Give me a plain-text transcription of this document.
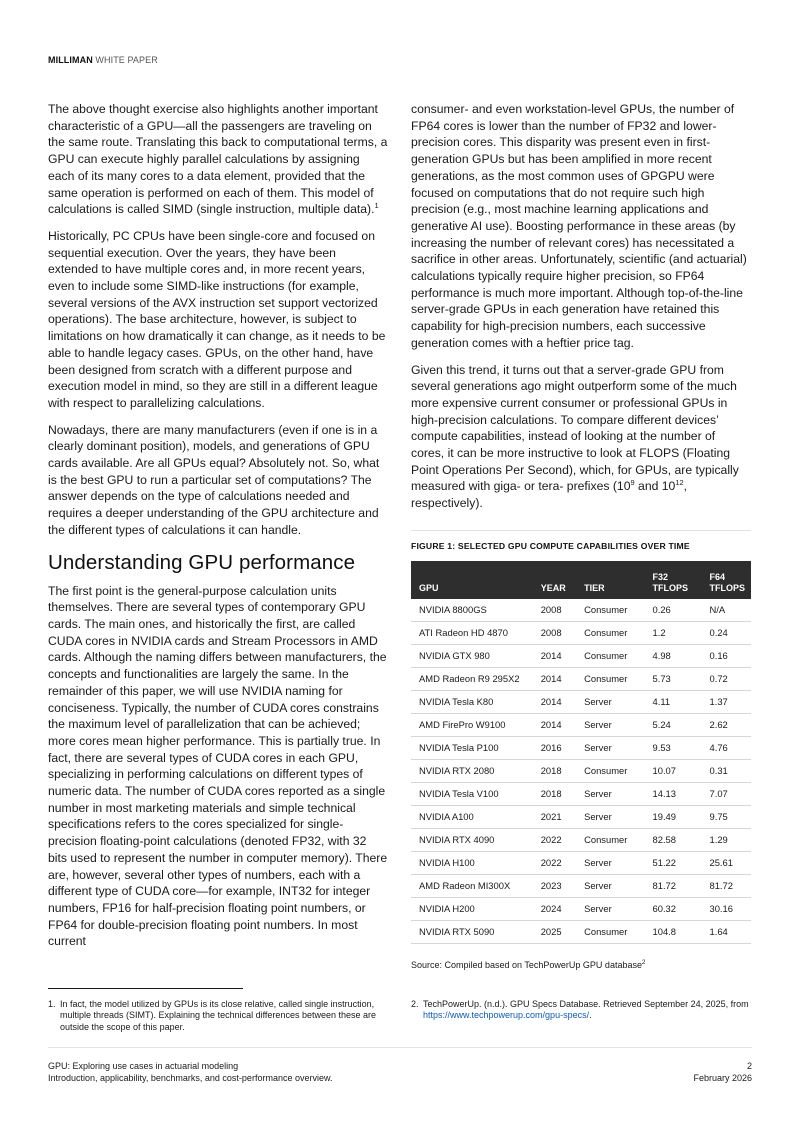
MILLIMAN WHITE PAPER

The above thought exercise also highlights another important characteristic of a GPU—all the passengers are traveling on the same route. Translating this back to computational terms, a GPU can execute highly parallel calculations by assigning each of its many cores to a data element, provided that the same operation is performed on each of them. This model of calculations is called SIMD (single instruction, multiple data).$^1$

Historically, PC CPUs have been single-core and focused on sequential execution. Over the years, they have been extended to have multiple cores and, in more recent years, even to include some SIMD-like instructions (for example, several versions of the AVX instruction set support vectorized operations). The base architecture, however, is subject to limitations on how dramatically it can change, as it needs to be able to handle legacy cases. GPUs, on the other hand, have been designed from scratch with a different purpose and execution model in mind, so they are still in a different league with respect to parallelizing calculations.

Nowadays, there are many manufacturers (even if one is in a clearly dominant position), models, and generations of GPU cards available. Are all GPUs equal? Absolutely not. So, what is the best GPU to run a particular set of computations? The answer depends on the type of calculations needed and requires a deeper understanding of the GPU architecture and the different types of calculations it can handle.

Understanding GPU performance

The first point is the general-purpose calculation units themselves. There are several types of contemporary GPU cards. The main ones, and historically the first, are called CUDA cores in NVIDIA cards and Stream Processors in AMD cards. Although the naming differs between manufacturers, the concepts and functionalities are largely the same. In the remainder of this paper, we will use NVIDIA naming for conciseness. Typically, the number of CUDA cores constrains the maximum level of parallelization that can be achieved; more cores mean higher performance. This is partially true. In fact, there are several types of CUDA cores in each GPU, specializing in performing calculations on different types of numeric data. The number of CUDA cores reported as a single number in most marketing materials and simple technical specifications refers to the cores specialized for single-precision floating-point calculations (denoted FP32, with 32 bits used to represent the number in computer memory). There are, however, several other types of numbers, each with a different type of CUDA core—for example, INT32 for integer numbers, FP16 for half-precision floating point numbers, or FP64 for double-precision floating point numbers. In most current

consumer- and even workstation-level GPUs, the number of FP64 cores is lower than the number of FP32 and lower-precision cores. This disparity was present even in first-generation GPUs but has been amplified in more recent generations, as the most common uses of GPGPU were focused on computations that do not require such high precision (e.g., most machine learning applications and generative AI use). Boosting performance in these areas (by increasing the number of relevant cores) has necessitated a sacrifice in other areas. Unfortunately, scientific (and actuarial) calculations typically require higher precision, so FP64 performance is much more important. Although top-of-the-line server-grade GPUs in each generation have retained this capability for high-precision numbers, each successive generation comes with a heftier price tag.

Given this trend, it turns out that a server-grade GPU from several generations ago might outperform some of the much more expensive current consumer or professional GPUs in high-precision calculations. To compare different devices’ compute capabilities, instead of looking at the number of cores, it can be more instructive to look at FLOPS (Floating Point Operations Per Second), which, for GPUs, are typically measured with giga- or tera- prefixes ($10^9$ and $10^{12}$, respectively).

FIGURE 1: SELECTED GPU COMPUTE CAPABILITIES OVER TIME
GPU	YEAR	TIER	F32 TFLOPS	F64 TFLOPS
NVIDIA 8800GS	2008	Consumer	0.26	N/A
ATI Radeon HD 4870	2008	Consumer	1.2	0.24
NVIDIA GTX 980	2014	Consumer	4.98	0.16
AMD Radeon R9 295X2	2014	Consumer	5.73	0.72
NVIDIA Tesla K80	2014	Server	4.11	1.37
AMD FirePro W9100	2014	Server	5.24	2.62
NVIDIA Tesla P100	2016	Server	9.53	4.76
NVIDIA RTX 2080	2018	Consumer	10.07	0.31
NVIDIA Tesla V100	2018	Server	14.13	7.07
NVIDIA A100	2021	Server	19.49	9.75
NVIDIA RTX 4090	2022	Consumer	82.58	1.29
NVIDIA H100	2022	Server	51.22	25.61
AMD Radeon MI300X	2023	Server	81.72	81.72
NVIDIA H200	2024	Server	60.32	30.16
NVIDIA RTX 5090	2025	Consumer	104.8	1.64
Source: Compiled based on TechPowerUp GPU database$^2$
1. In fact, the model utilized by GPUs is its close relative, called single instruction, multiple threads (SIMT). Explaining the technical differences between these are outside the scope of this paper.
2. TechPowerUp. (n.d.). GPU Specs Database. Retrieved September 24, 2025, from https://www.techpowerup.com/gpu-specs/.
GPU: Exploring use cases in actuarial modeling
Introduction, applicability, benchmarks, and cost-performance overview.
2
February 2026
